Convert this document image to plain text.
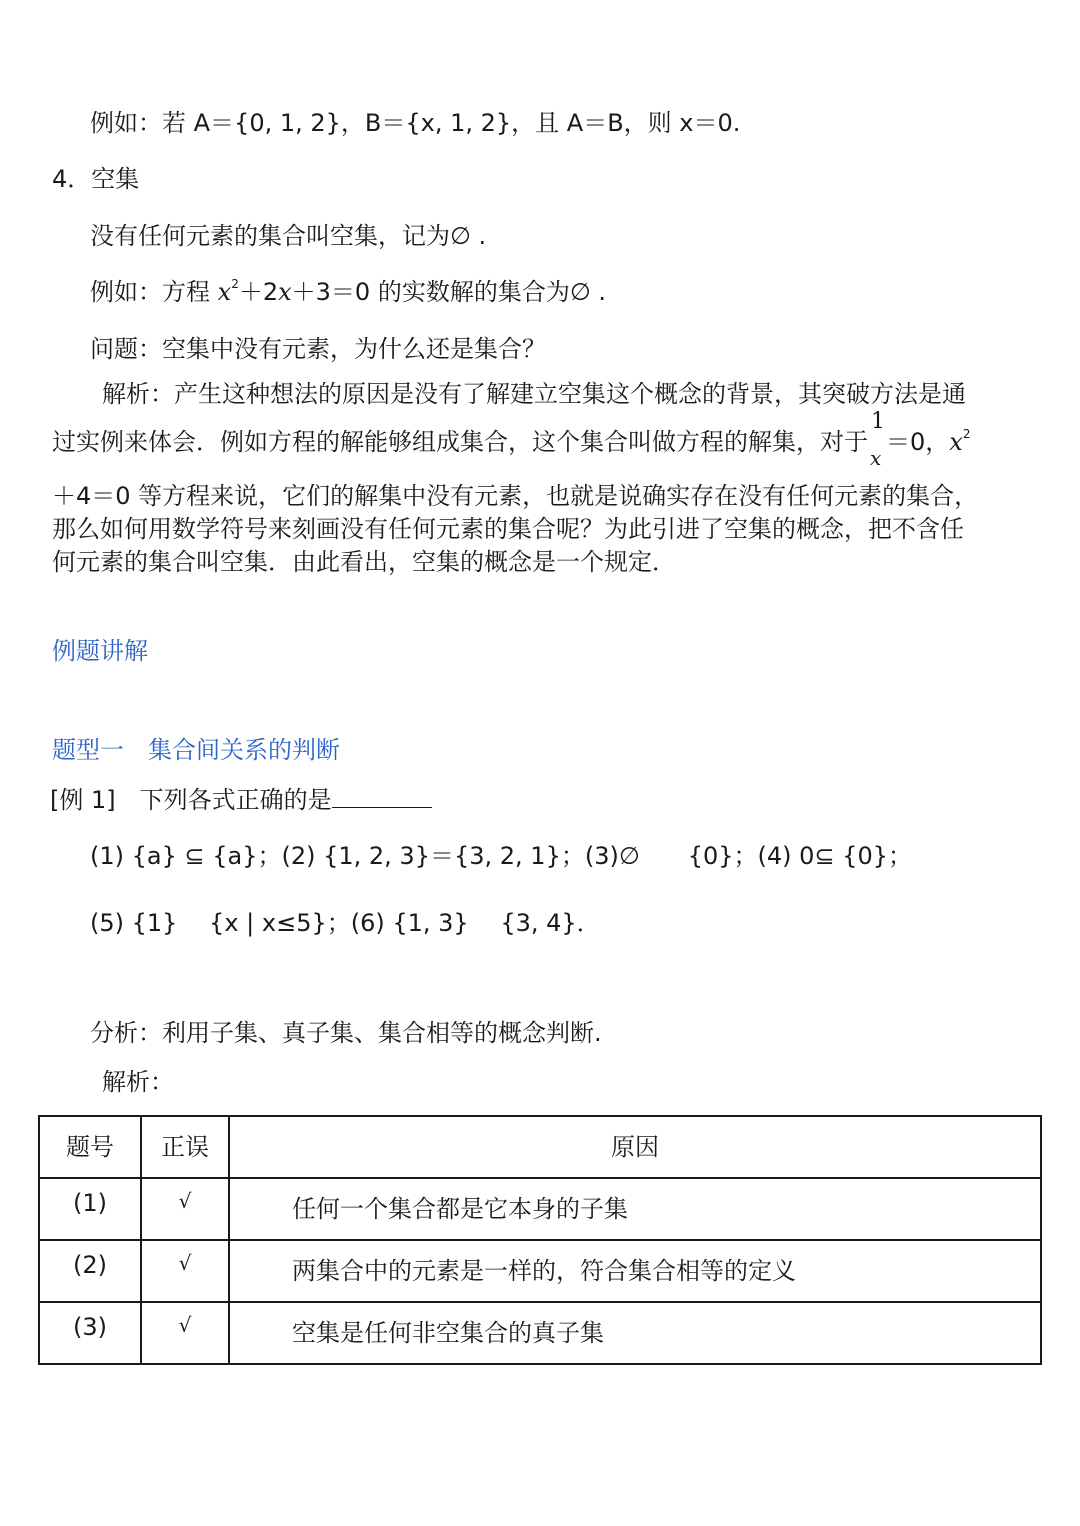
例如：若 A＝{0, 1, 2}，B＝{x, 1, 2}，且 A＝B，则 x＝0.
4．空集
没有任何元素的集合叫空集，记为∅ .
例如：方程 $x^2+2x+3=0$ 的实数解的集合为∅ .
问题：空集中没有元素，为什么还是集合？
解析：产生这种想法的原因是没有了解建立空集这个概念的背景，其突破方法是通
过实例来体会．例如方程的解能够组成集合，这个集合叫做方程的解集，对于
1
x
＝0，$x^2$
＋4＝0 等方程来说，它们的解集中没有元素，也就是说确实存在没有任何元素的集合，
那么如何用数学符号来刻画没有任何元素的集合呢？为此引进了空集的概念，把不含任
何元素的集合叫空集．由此看出，空集的概念是一个规定．
例题讲解
题型一　集合间关系的判断
[例 1]　下列各式正确的是
(1) {a} ⊆ {a}；(2) {1, 2, 3}＝{3, 2, 1}；(3)∅　　{0}；(4) 0⊆ {0}；
(5) {1}　 {x | x≤5}；(6) {1, 3}　 {3, 4}．
分析：利用子集、真子集、集合相等的概念判断.
解析：
题号	正误	原因

(1)	√	任何一个集合都是它本身的子集

(2)	√	两集合中的元素是一样的，符合集合相等的定义

(3)	√	空集是任何非空集合的真子集
